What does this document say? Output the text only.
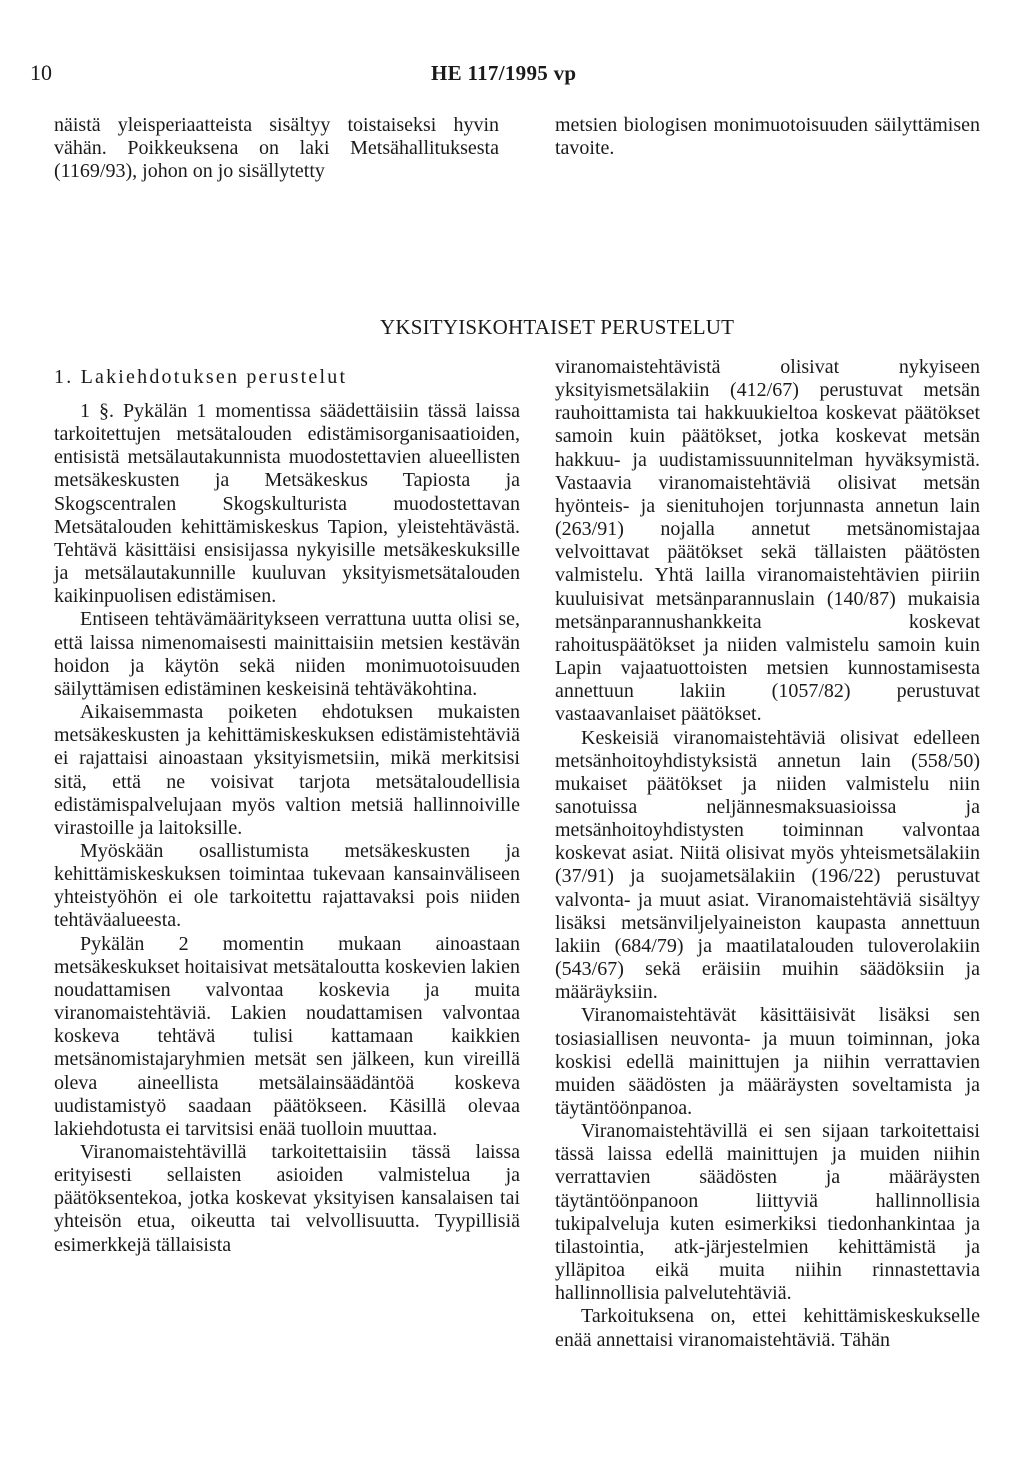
10	HE 117/1995 vp

näistä yleisperiaatteista sisältyy toistaiseksi hyvin vähän. Poikkeuksena on laki Metsähallituksesta (1169/93), johon on jo sisällytetty

metsien biologisen monimuotoisuuden säilyttämisen tavoite.

YKSITYISKOHTAISET PERUSTELUT
1. Lakiehdotuksen perustelut

1 §. Pykälän 1 momentissa säädettäisiin tässä laissa tarkoitettujen metsätalouden edistämisorganisaatioiden, entisistä metsälautakunnista muodostettavien alueellisten metsäkeskusten ja Metsäkeskus Tapiosta ja Skogscentralen Skogskulturista muodostettavan Metsätalouden kehittämiskeskus Tapion, yleistehtävästä. Tehtävä käsittäisi ensisijassa nykyisille metsäkeskuksille ja metsälautakunnille kuuluvan yksityismetsätalouden kaikinpuolisen edistämisen.

Entiseen tehtävämääritykseen verrattuna uutta olisi se, että laissa nimenomaisesti mainittaisiin metsien kestävän hoidon ja käytön sekä niiden monimuotoisuuden säilyttämisen edistäminen keskeisinä tehtäväkohtina.

Aikaisemmasta poiketen ehdotuksen mukaisten metsäkeskusten ja kehittämiskeskuksen edistämistehtäviä ei rajattaisi ainoastaan yksityismetsiin, mikä merkitsisi sitä, että ne voisivat tarjota metsätaloudellisia edistämispalvelujaan myös valtion metsiä hallinnoiville virastoille ja laitoksille.

Myöskään osallistumista metsäkeskusten ja kehittämiskeskuksen toimintaa tukevaan kansainväliseen yhteistyöhön ei ole tarkoitettu rajattavaksi pois niiden tehtäväalueesta.

Pykälän 2 momentin mukaan ainoastaan metsäkeskukset hoitaisivat metsätaloutta koskevien lakien noudattamisen valvontaa koskevia ja muita viranomaistehtäviä. Lakien noudattamisen valvontaa koskeva tehtävä tulisi kattamaan kaikkien metsänomistajaryhmien metsät sen jälkeen, kun vireillä oleva aineellista metsälainsäädäntöä koskeva uudistamistyö saadaan päätökseen. Käsillä olevaa lakiehdotusta ei tarvitsisi enää tuolloin muuttaa.

Viranomaistehtävillä tarkoitettaisiin tässä laissa erityisesti sellaisten asioiden valmistelua ja päätöksentekoa, jotka koskevat yksityisen kansalaisen tai yhteisön etua, oikeutta tai velvollisuutta. Tyypillisiä esimerkkejä tällaisista

viranomaistehtävistä olisivat nykyiseen yksityismetsälakiin (412/67) perustuvat metsän rauhoittamista tai hakkuukieltoa koskevat päätökset samoin kuin päätökset, jotka koskevat metsän hakkuu- ja uudistamissuunnitelman hyväksymistä. Vastaavia viranomaistehtäviä olisivat metsän hyönteis- ja sienituhojen torjunnasta annetun lain (263/91) nojalla annetut metsänomistajaa velvoittavat päätökset sekä tällaisten päätösten valmistelu. Yhtä lailla viranomaistehtävien piiriin kuuluisivat metsänparannuslain (140/87) mukaisia metsänparannushankkeita koskevat rahoituspäätökset ja niiden valmistelu samoin kuin Lapin vajaatuottoisten metsien kunnostamisesta annettuun lakiin (1057/82) perustuvat vastaavanlaiset päätökset.

Keskeisiä viranomaistehtäviä olisivat edelleen metsänhoitoyhdistyksistä annetun lain (558/50) mukaiset päätökset ja niiden valmistelu niin sanotuissa neljännesmaksuasioissa ja metsänhoitoyhdistysten toiminnan valvontaa koskevat asiat. Niitä olisivat myös yhteismetsälakiin (37/91) ja suojametsälakiin (196/22) perustuvat valvonta- ja muut asiat. Viranomaistehtäviä sisältyy lisäksi metsänviljelyaineiston kaupasta annettuun lakiin (684/79) ja maatilatalouden tuloverolakiin (543/67) sekä eräisiin muihin säädöksiin ja määräyksiin.

Viranomaistehtävät käsittäisivät lisäksi sen tosiasiallisen neuvonta- ja muun toiminnan, joka koskisi edellä mainittujen ja niihin verrattavien muiden säädösten ja määräysten soveltamista ja täytäntöönpanoa.

Viranomaistehtävillä ei sen sijaan tarkoitettaisi tässä laissa edellä mainittujen ja muiden niihin verrattavien säädösten ja määräysten täytäntöönpanoon liittyviä hallinnollisia tukipalveluja kuten esimerkiksi tiedonhankintaa ja tilastointia, atk-järjestelmien kehittämistä ja ylläpitoa eikä muita niihin rinnastettavia hallinnollisia palvelutehtäviä.

Tarkoituksena on, ettei kehittämiskeskukselle enää annettaisi viranomaistehtäviä. Tähän
